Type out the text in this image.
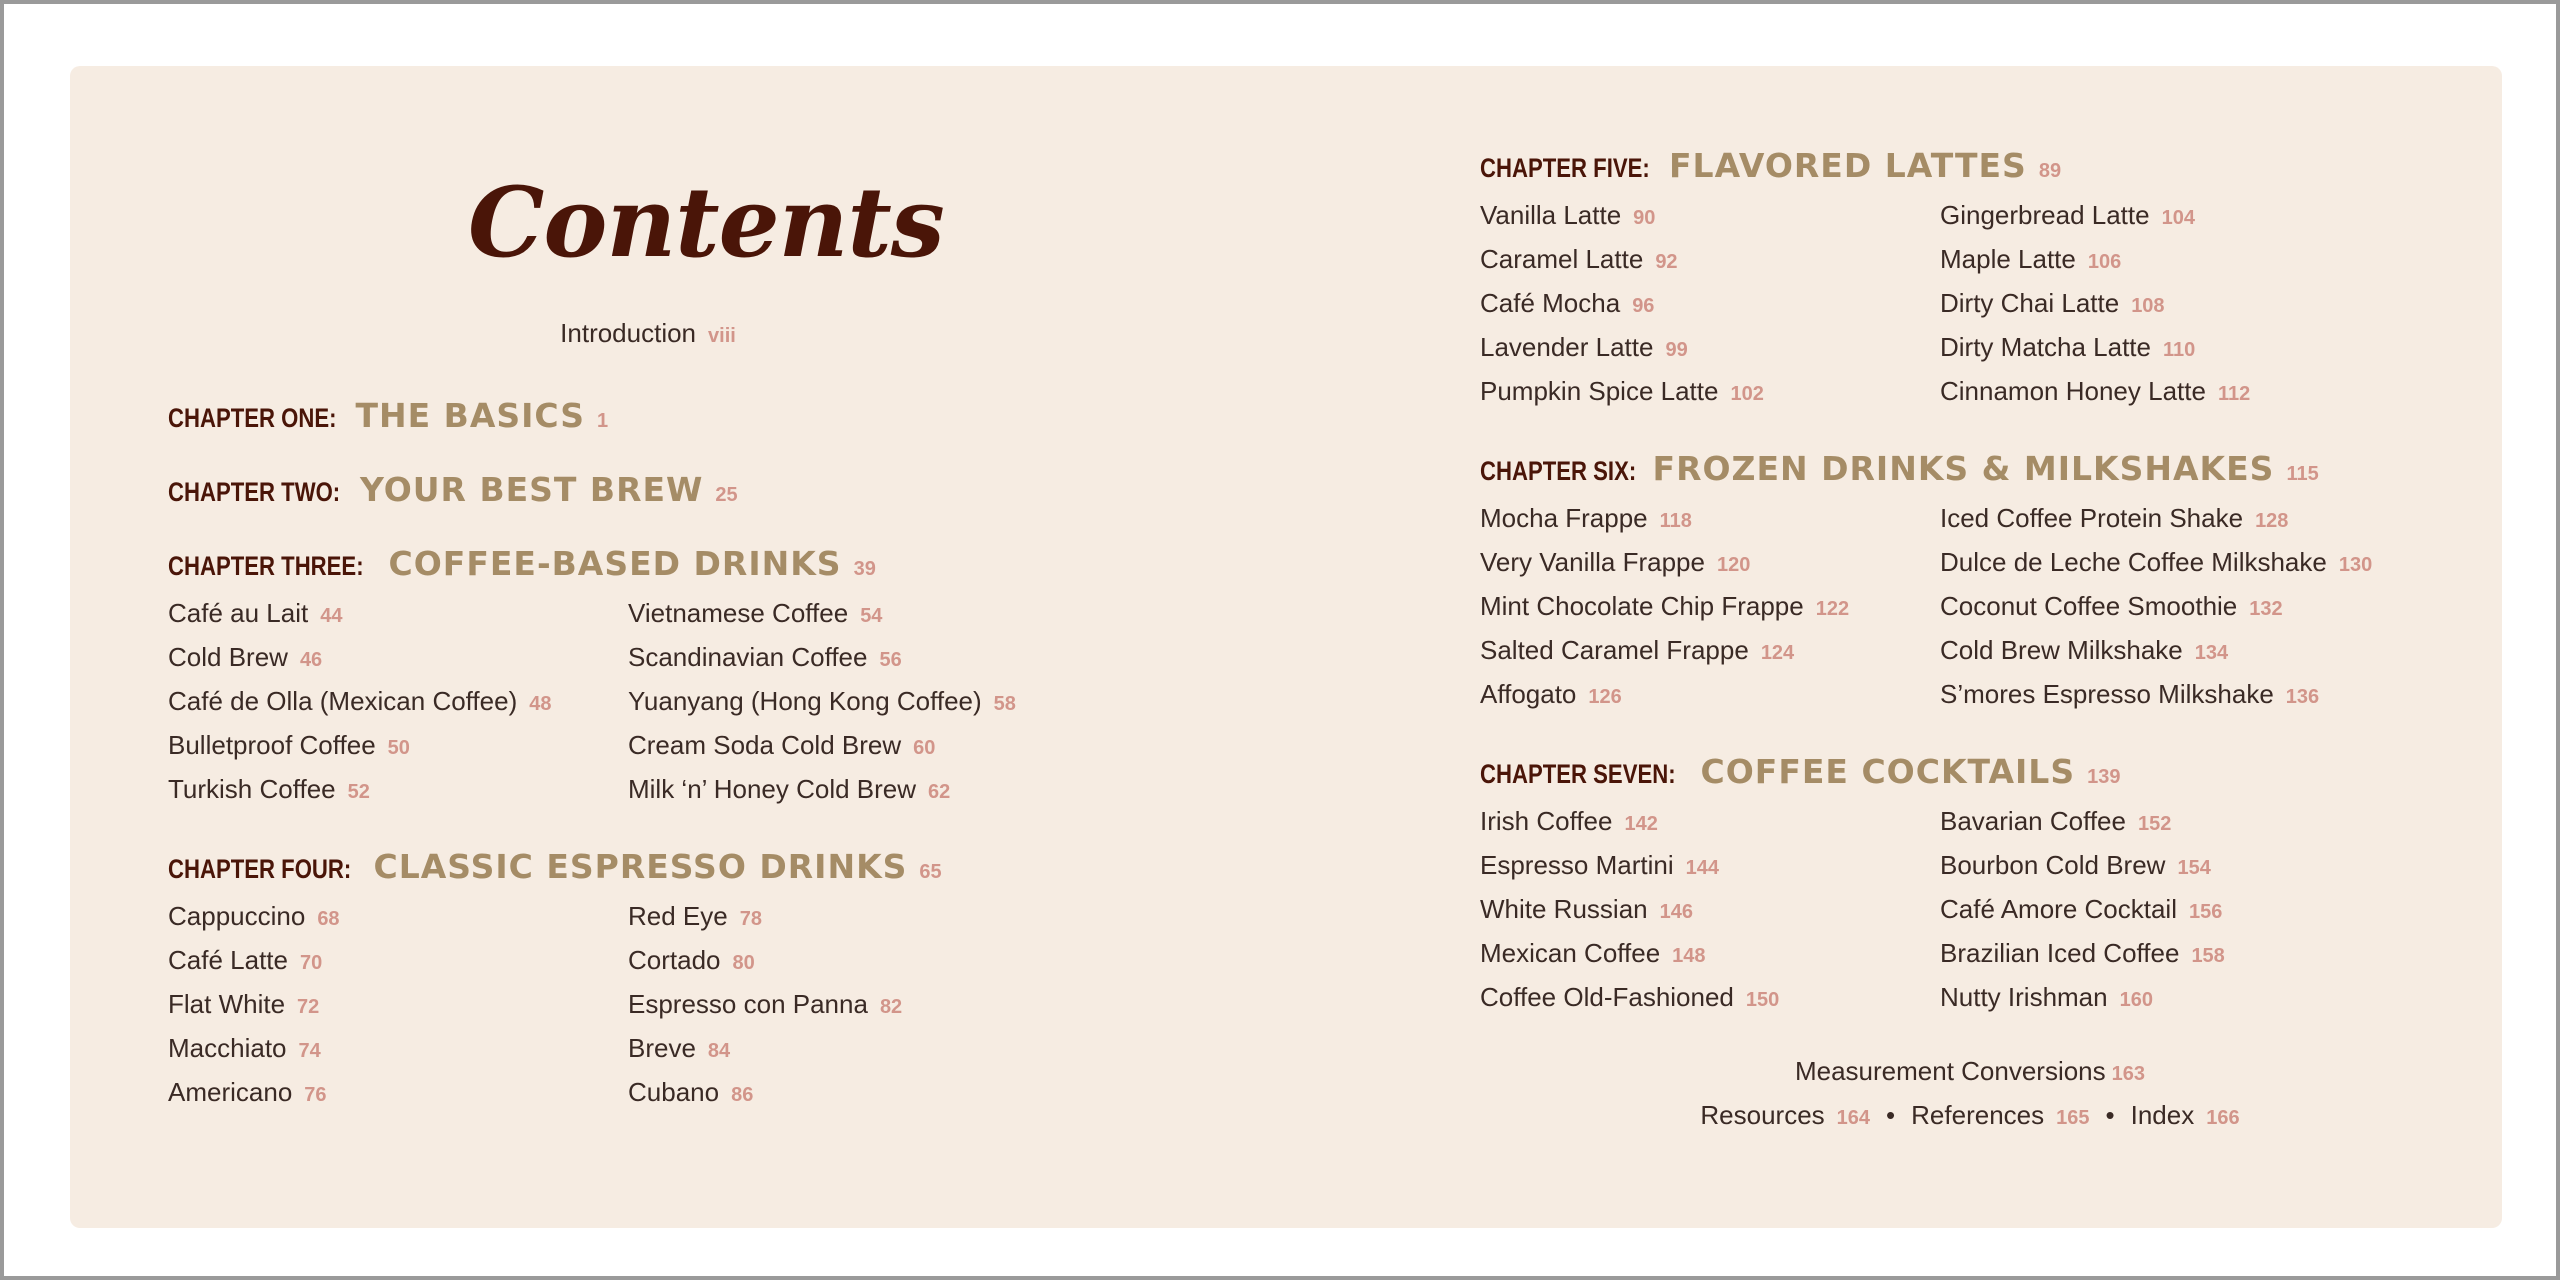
Contents
Introduction viii
CHAPTER ONE: THE BASICS 1
CHAPTER TWO: YOUR BEST BREW 25
CHAPTER THREE: COFFEE-BASED DRINKS 39
Café au Lait 44
Cold Brew 46
Café de Olla (Mexican Coffee) 48
Bulletproof Coffee 50
Turkish Coffee 52
Vietnamese Coffee 54
Scandinavian Coffee 56
Yuanyang (Hong Kong Coffee) 58
Cream Soda Cold Brew 60
Milk ‘n’ Honey Cold Brew 62
CHAPTER FOUR: CLASSIC ESPRESSO DRINKS 65
Cappuccino 68
Café Latte 70
Flat White 72
Macchiato 74
Americano 76
Red Eye 78
Cortado 80
Espresso con Panna 82
Breve 84
Cubano 86
CHAPTER FIVE: FLAVORED LATTES 89
Vanilla Latte 90
Caramel Latte 92
Café Mocha 96
Lavender Latte 99
Pumpkin Spice Latte 102
Gingerbread Latte 104
Maple Latte 106
Dirty Chai Latte 108
Dirty Matcha Latte 110
Cinnamon Honey Latte 112
CHAPTER SIX: FROZEN DRINKS & MILKSHAKES 115
Mocha Frappe 118
Very Vanilla Frappe 120
Mint Chocolate Chip Frappe 122
Salted Caramel Frappe 124
Affogato 126
Iced Coffee Protein Shake 128
Dulce de Leche Coffee Milkshake 130
Coconut Coffee Smoothie 132
Cold Brew Milkshake 134
S’mores Espresso Milkshake 136
CHAPTER SEVEN: COFFEE COCKTAILS 139
Irish Coffee 142
Espresso Martini 144
White Russian 146
Mexican Coffee 148
Coffee Old-Fashioned 150
Bavarian Coffee 152
Bourbon Cold Brew 154
Café Amore Cocktail 156
Brazilian Iced Coffee 158
Nutty Irishman 160
Measurement Conversions 163
Resources 164 • References 165 • Index 166
